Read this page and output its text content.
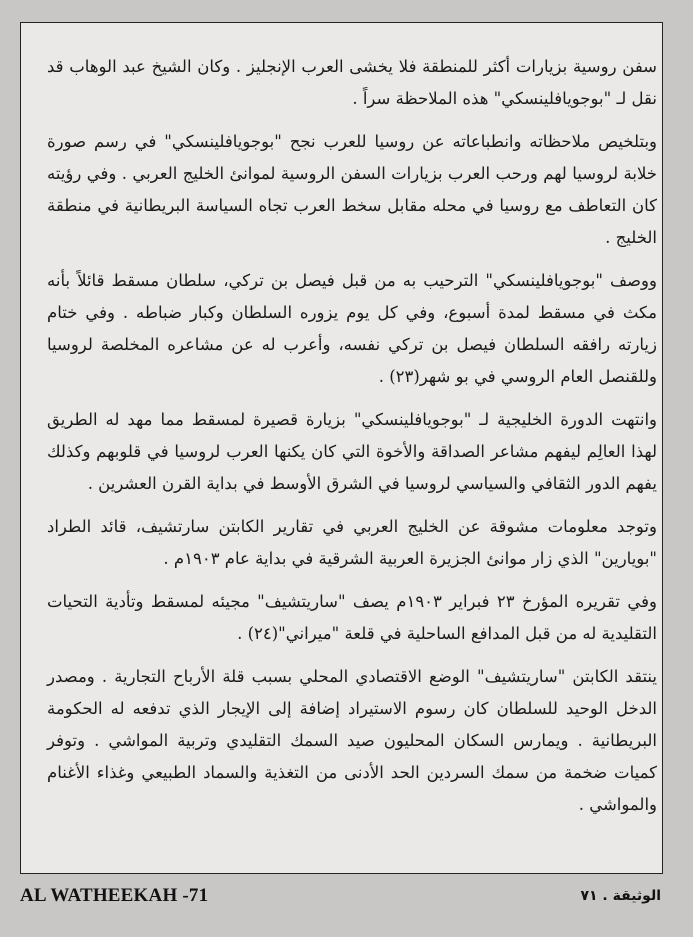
سفن روسية بزيارات أكثر للمنطقة فلا يخشى العرب الإنجليز . وكان الشيخ عبد الوهاب قد نقل لـ "بوجويافلينسكي" هذه الملاحظة سراً .

وبتلخيص ملاحظاته وانطباعاته عن روسيا للعرب نجح "بوجويافلينسكي" في رسم صورة خلابة لروسيا لهم ورحب العرب بزيارات السفن الروسية لموانئ الخليج العربي . وفي رؤيته كان التعاطف مع روسيا في محله مقابل سخط العرب تجاه السياسة البريطانية في منطقة الخليج .

ووصف "بوجويافلينسكي" الترحيب به من قبل فيصل بن تركي، سلطان مسقط قائلاً بأنه مكث في مسقط لمدة أسبوع، وفي كل يوم يزوره السلطان وكبار ضباطه . وفي ختام زيارته رافقه السلطان فيصل بن تركي نفسه، وأعرب له عن مشاعره المخلصة لروسيا وللقنصل العام الروسي في بو شهر(٢٣) .

وانتهت الدورة الخليجية لـ "بوجويافلينسكي" بزيارة قصيرة لمسقط مما مهد له الطريق لهذا العالِم ليفهم مشاعر الصداقة والأخوة التي كان يكنها العرب لروسيا في قلوبهم وكذلك يفهم الدور الثقافي والسياسي لروسيا في الشرق الأوسط في بداية القرن العشرين .

وتوجد معلومات مشوقة عن الخليج العربي في تقارير الكابتن سارتشيف، قائد الطراد "بويارين" الذي زار موانئ الجزيرة العربية الشرقية في بداية عام ١٩٠٣م .

وفي تقريره المؤرخ ٢٣ فبراير ١٩٠٣م يصف "ساريتشيف" مجيئه لمسقط وتأدية التحيات التقليدية له من قبل المدافع الساحلية في قلعة "ميراني"(٢٤) .

ينتقد الكابتن "ساريتشيف" الوضع الاقتصادي المحلي بسبب قلة الأرباح التجارية . ومصدر الدخل الوحيد للسلطان كان رسوم الاستيراد إضافة إلى الإيجار الذي تدفعه له الحكومة البريطانية . ويمارس السكان المحليون صيد السمك التقليدي وتربية المواشي . وتوفر كميات ضخمة من سمك السردين الحد الأدنى من التغذية والسماد الطبيعي وغذاء الأغنام والمواشي .

AL WATHEEKAH -71	الوثيقة . ٧١
